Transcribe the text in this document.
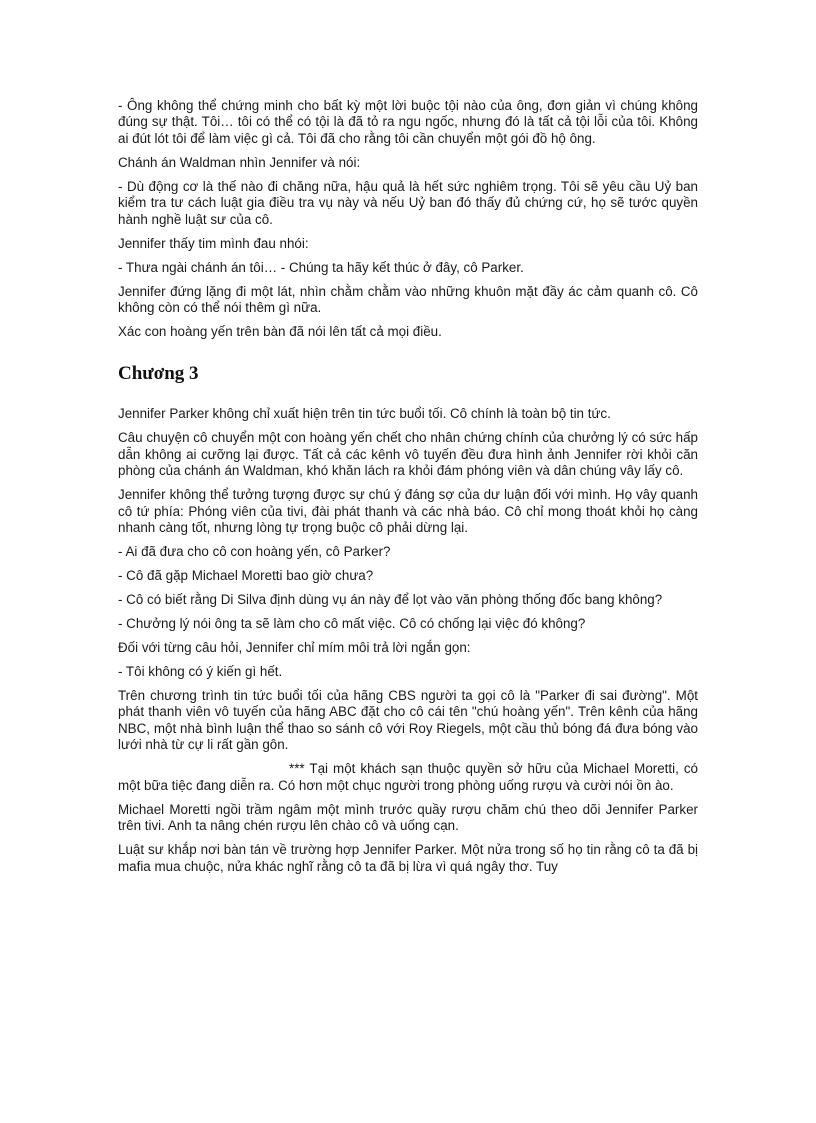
- Ông không thể chứng minh cho bất kỳ một lời buộc tội nào của ông, đơn giản vì chúng không đúng sự thật. Tôi… tôi có thể có tội là đã tỏ ra ngu ngốc, nhưng đó là tất cả tội lỗi của tôi. Không ai đút lót tôi để làm việc gì cả. Tôi đã cho rằng tôi cần chuyển một gói đồ hộ ông.

Chánh án Waldman nhìn Jennifer và nói:

- Dù động cơ là thế nào đi chăng nữa, hậu quả là hết sức nghiêm trọng. Tôi sẽ yêu cầu Uỷ ban kiểm tra tư cách luật gia điều tra vụ này và nếu Uỷ ban đó thấy đủ chứng cứ, họ sẽ tước quyền hành nghề luật sư của cô.

Jennifer thấy tim mình đau nhói:

- Thưa ngài chánh án tôi… - Chúng ta hãy kết thúc ở đây, cô Parker.

Jennifer đứng lặng đi một lát, nhìn chằm chằm vào những khuôn mặt đầy ác cảm quanh cô. Cô không còn có thể nói thêm gì nữa.

Xác con hoàng yến trên bàn đã nói lên tất cả mọi điều.

Chương 3

Jennifer Parker không chỉ xuất hiện trên tin tức buổi tối. Cô chính là toàn bộ tin tức.

Câu chuyện cô chuyển một con hoàng yến chết cho nhân chứng chính của chưởng lý có sức hấp dẫn không ai cưỡng lại được. Tất cả các kênh vô tuyến đều đưa hình ảnh Jennifer rời khỏi căn phòng của chánh án Waldman, khó khăn lách ra khỏi đám phóng viên và dân chúng vây lấy cô.

Jennifer không thể tưởng tượng được sự chú ý đáng sợ của dư luận đối với mình. Họ vây quanh cô tứ phía: Phóng viên của tivi, đài phát thanh và các nhà báo. Cô chỉ mong thoát khỏi họ càng nhanh càng tốt, nhưng lòng tự trọng buộc cô phải dừng lại.

- Ai đã đưa cho cô con hoàng yến, cô Parker?

- Cô đã gặp Michael Moretti bao giờ chưa?

- Cô có biết rằng Di Silva định dùng vụ án này để lọt vào văn phòng thống đốc bang không?

- Chưởng lý nói ông ta sẽ làm cho cô mất việc. Cô có chống lại việc đó không?

Đối với từng câu hỏi, Jennifer chỉ mím môi trả lời ngắn gọn:

- Tôi không có ý kiến gì hết.

Trên chương trình tin tức buổi tối của hãng CBS người ta gọi cô là "Parker đi sai đường". Một phát thanh viên vô tuyến của hãng ABC đặt cho cô cái tên "chú hoàng yến". Trên kênh của hãng NBC, một nhà bình luận thể thao so sánh cô với Roy Riegels, một cầu thủ bóng đá đưa bóng vào lưới nhà từ cự li rất gần gôn.

*** Tại một khách sạn thuộc quyền sở hữu của Michael Moretti, có một bữa tiệc đang diễn ra. Có hơn một chục người trong phòng uống rượu và cười nói ồn ào.

Michael Moretti ngồi trầm ngâm một mình trước quầy rượu chăm chú theo dõi Jennifer Parker trên tivi. Anh ta nâng chén rượu lên chào cô và uống cạn.

Luật sư khắp nơi bàn tán về trường hợp Jennifer Parker. Một nửa trong số họ tin rằng cô ta đã bị mafia mua chuộc, nửa khác nghĩ rằng cô ta đã bị lừa vì quá ngây thơ. Tuy
